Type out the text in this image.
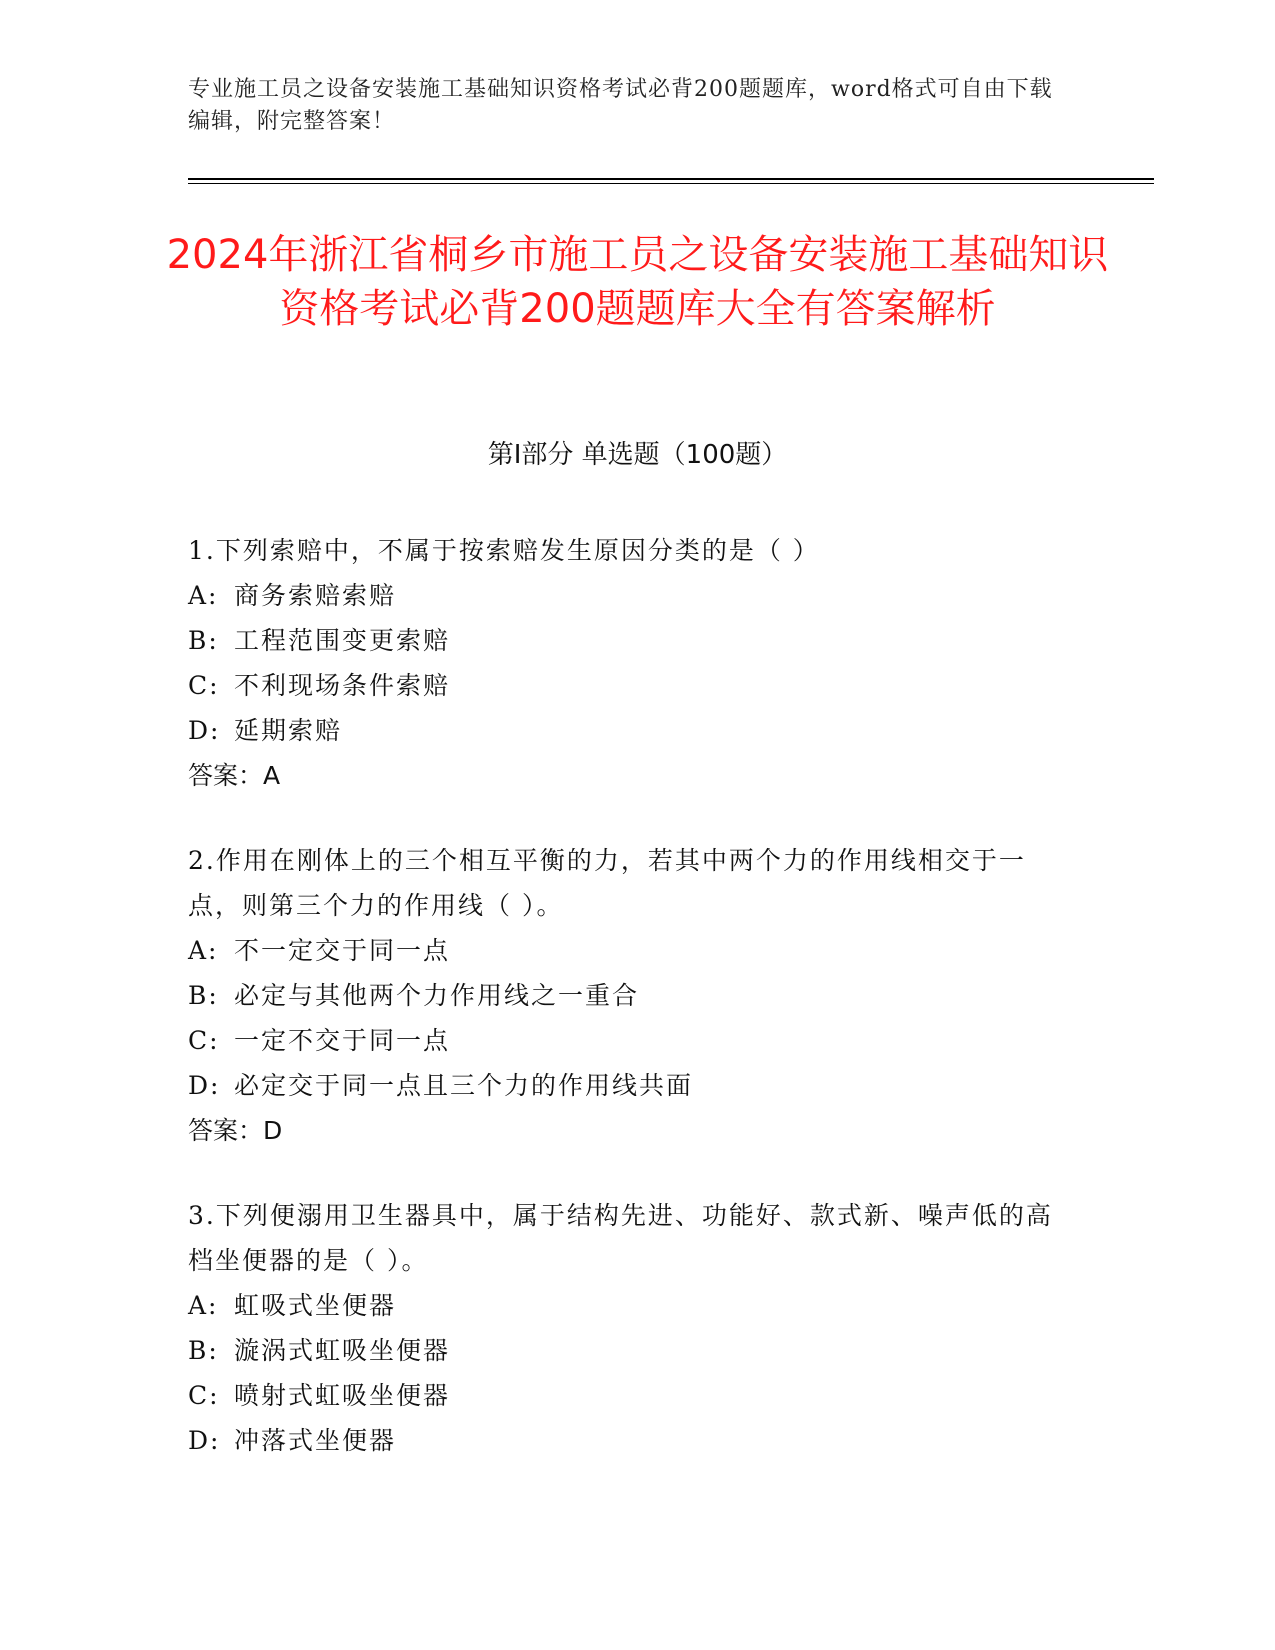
专业施工员之设备安装施工基础知识资格考试必背200题题库，word格式可自由下载编辑，附完整答案！
2024年浙江省桐乡市施工员之设备安装施工基础知识资格考试必背200题题库大全有答案解析
第Ⅰ部分 单选题（100题）

1.下列索赔中，不属于按索赔发生原因分类的是（ ）

A: 商务索赔索赔
B: 工程范围变更索赔
C: 不利现场条件索赔
D: 延期索赔
答案：A

2.作用在刚体上的三个相互平衡的力，若其中两个力的作用线相交于一点，则第三个力的作用线（ ）。

A: 不一定交于同一点
B: 必定与其他两个力作用线之一重合
C: 一定不交于同一点
D: 必定交于同一点且三个力的作用线共面
答案：D

3.下列便溺用卫生器具中，属于结构先进、功能好、款式新、噪声低的高档坐便器的是（ ）。

A: 虹吸式坐便器
B: 漩涡式虹吸坐便器
C: 喷射式虹吸坐便器
D: 冲落式坐便器
